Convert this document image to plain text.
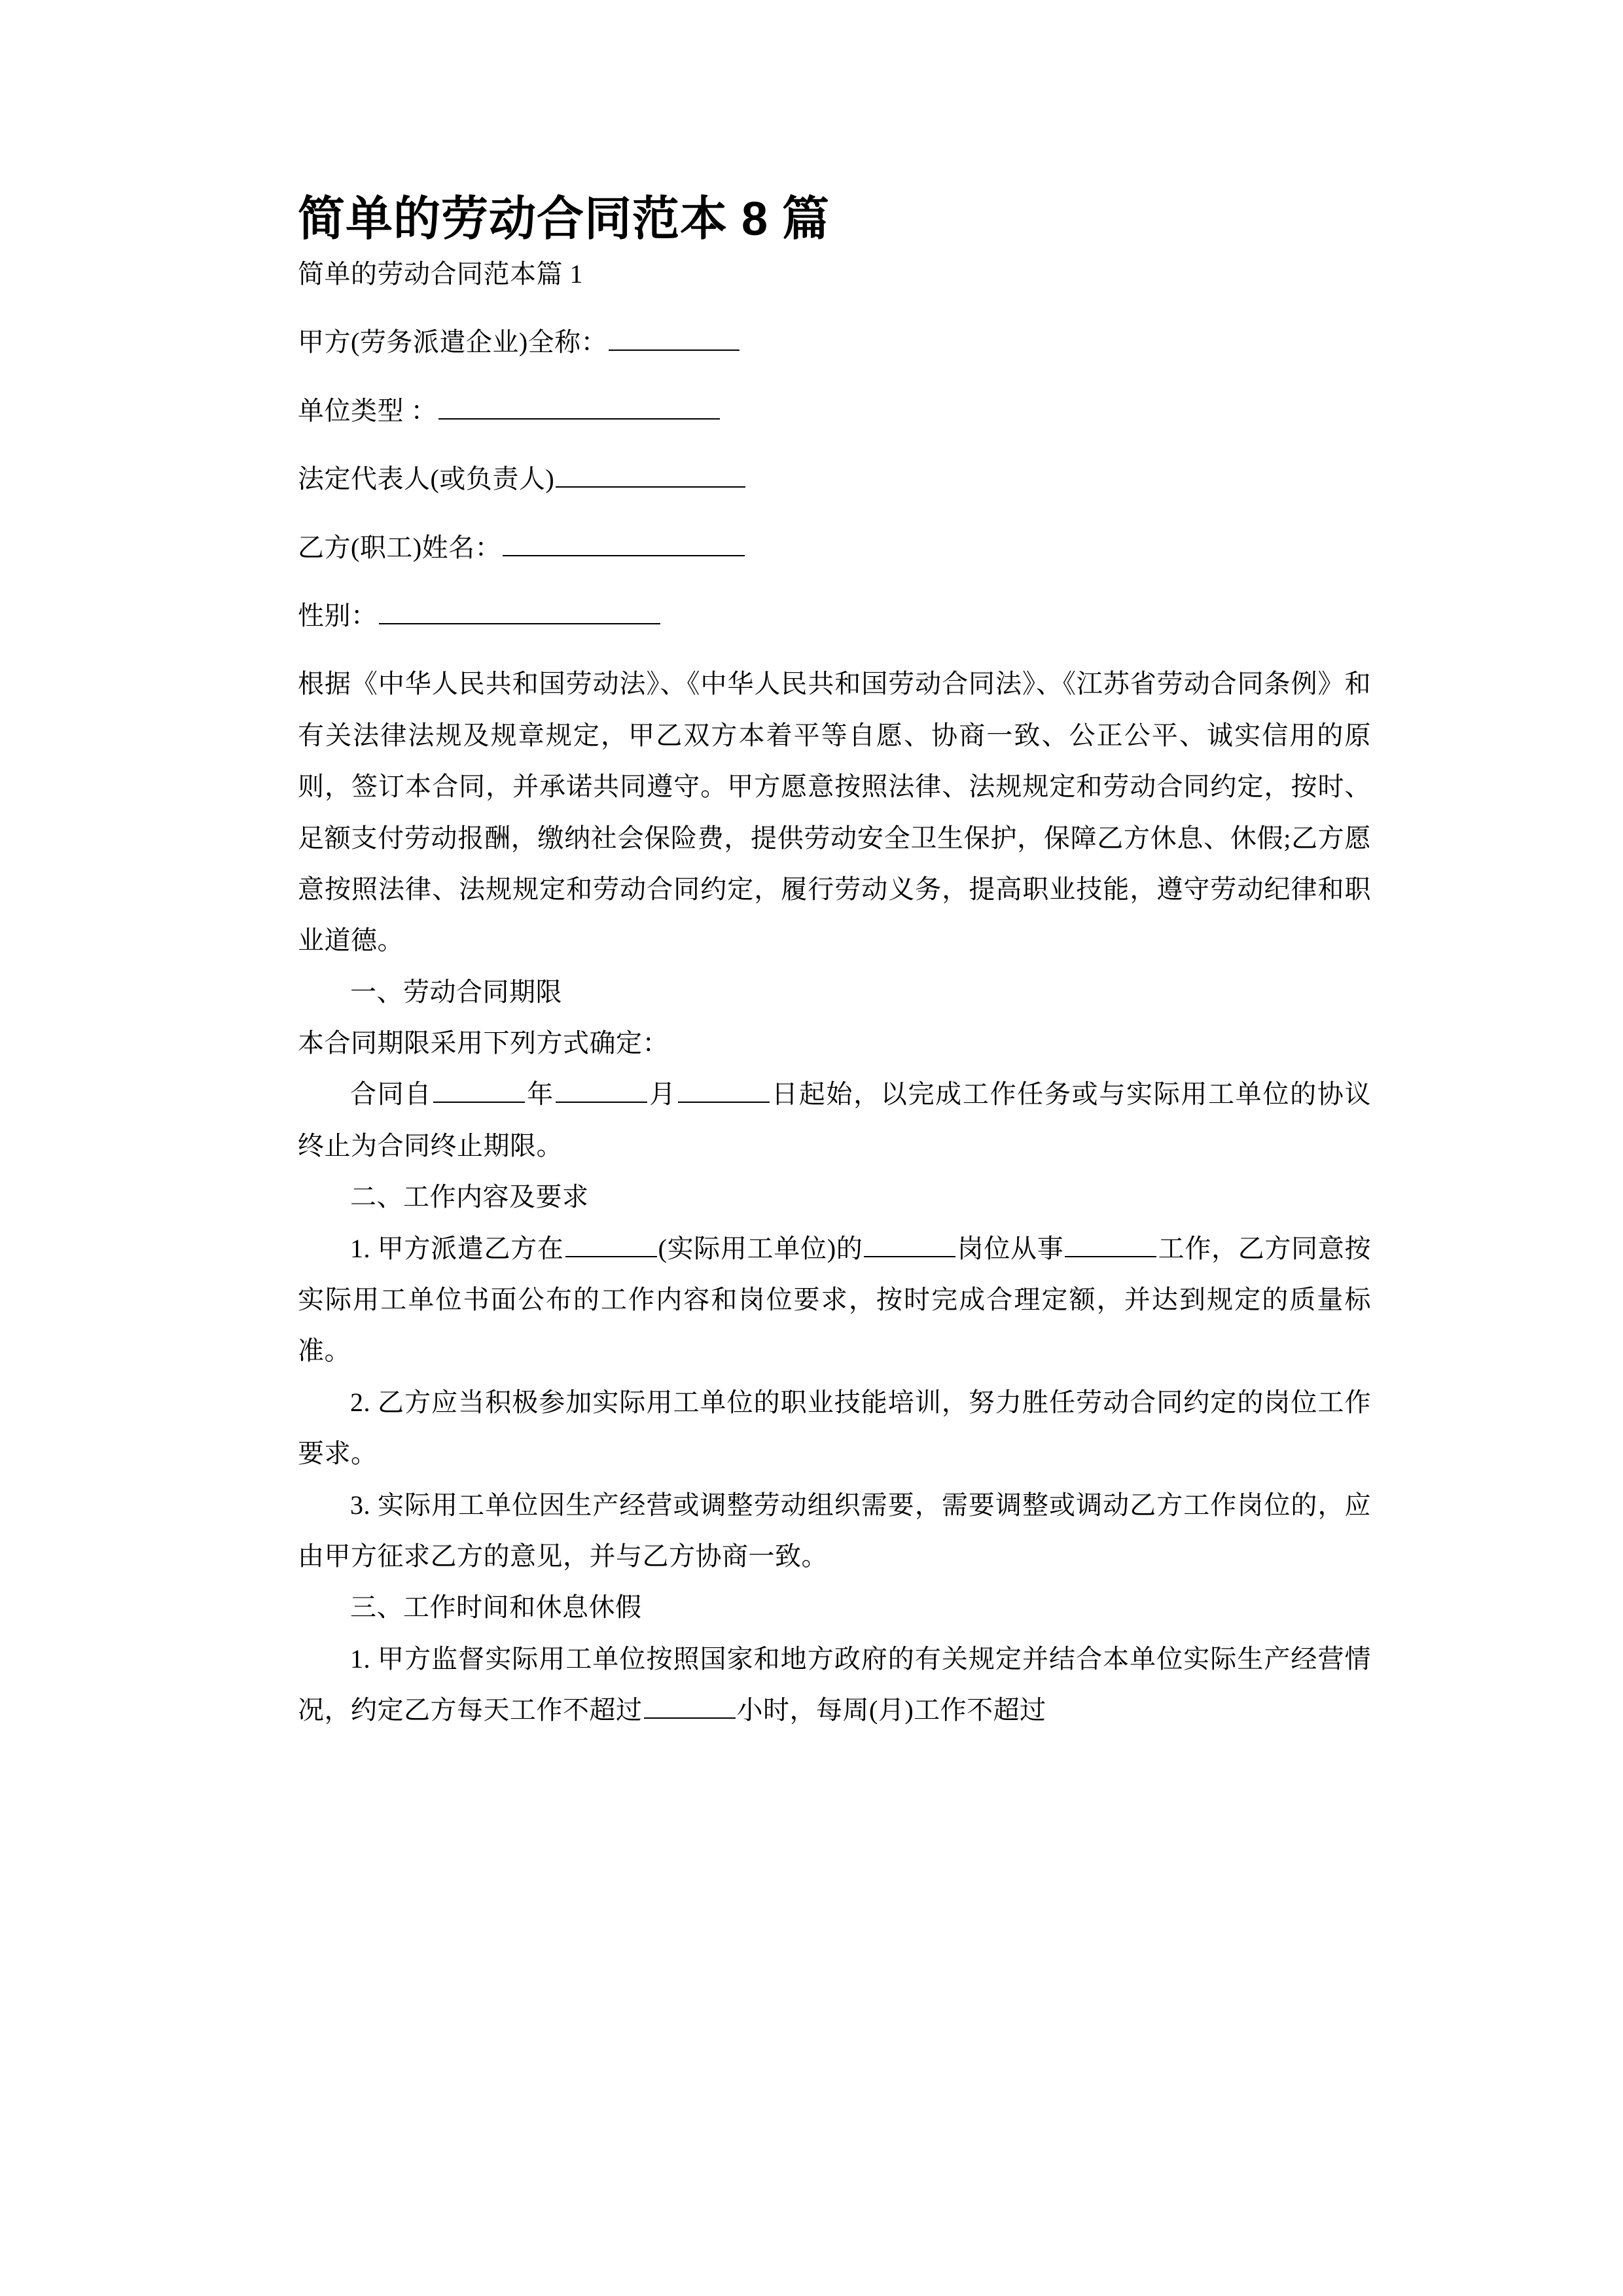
简单的劳动合同范本 8 篇

简单的劳动合同范本篇 1

甲方(劳务派遣企业)全称：

单位类型 ：

法定代表人(或负责人)

乙方(职工)姓名：

性别：

根据《中华人民共和国劳动法》、《中华人民共和国劳动合同法》、《江苏省劳动合同条例》和有关法律法规及规章规定，甲乙双方本着平等自愿、协商一致、公正公平、诚实信用的原则，签订本合同，并承诺共同遵守。甲方愿意按照法律、法规规定和劳动合同约定，按时、足额支付劳动报酬，缴纳社会保险费，提供劳动安全卫生保护，保障乙方休息、休假;乙方愿意按照法律、法规规定和劳动合同约定，履行劳动义务，提高职业技能，遵守劳动纪律和职业道德。

一、劳动合同期限

本合同期限采用下列方式确定：

合同自	年	月	日起始，以完成工作任务或与实际用工单位的协议终止为合同终止期限。

二、工作内容及要求

1. 甲方派遣乙方在	(实际用工单位)的	岗位从事	工作，乙方同意按实际用工单位书面公布的工作内容和岗位要求，按时完成合理定额，并达到规定的质量标准。

2. 乙方应当积极参加实际用工单位的职业技能培训，努力胜任劳动合同约定的岗位工作要求。

3. 实际用工单位因生产经营或调整劳动组织需要，需要调整或调动乙方工作岗位的，应由甲方征求乙方的意见，并与乙方协商一致。

三、工作时间和休息休假

1. 甲方监督实际用工单位按照国家和地方政府的有关规定并结合本单位实际生产经营情况，约定乙方每天工作不超过	小时，每周(月)工作不超过
